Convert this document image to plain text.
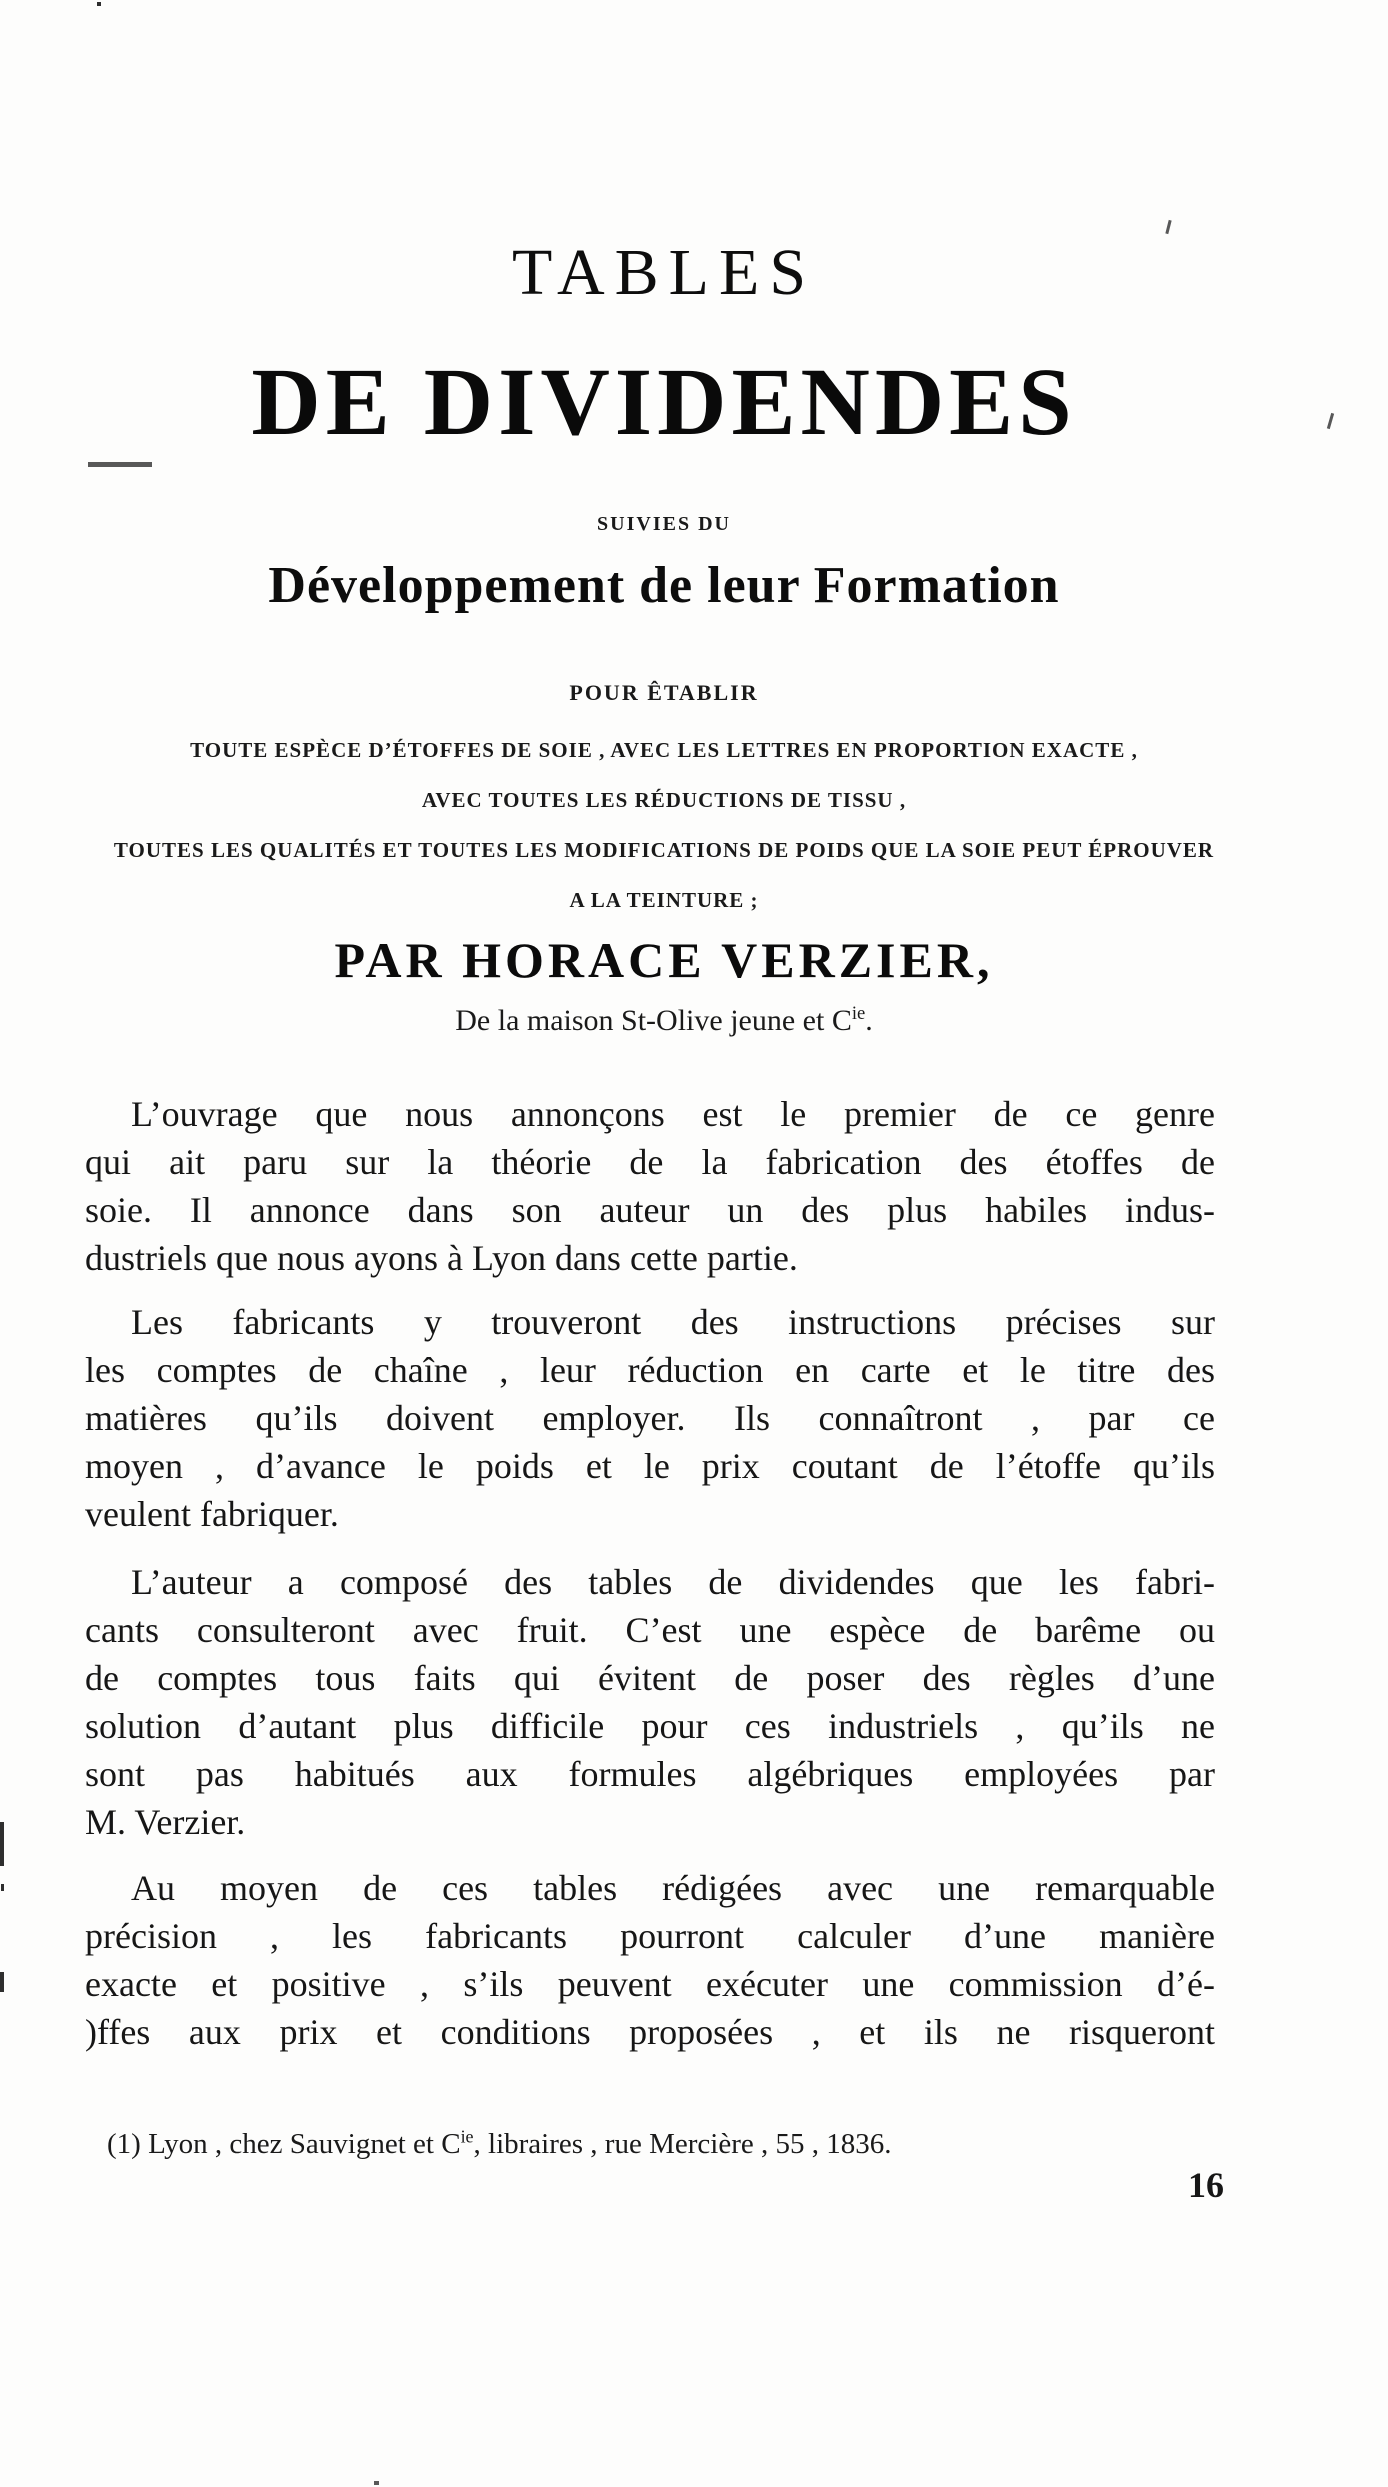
TABLES
DE DIVIDENDES
SUIVIES DU
Développement de leur Formation
POUR ÊTABLIR
TOUTE ESPÈCE D’ÉTOFFES DE SOIE , AVEC LES LETTRES EN PROPORTION EXACTE ,
AVEC TOUTES LES RÉDUCTIONS DE TISSU ,
TOUTES LES QUALITÉS ET TOUTES LES MODIFICATIONS DE POIDS QUE LA SOIE PEUT ÉPROUVER
A LA TEINTURE ;
PAR HORACE VERZIER,
De la maison St-Olive jeune et $C^{ie}$.

L’ouvrage que nous annonçons est le premier de ce genre
qui ait paru sur la théorie de la fabrication des étoffes de
soie. Il annonce dans son auteur un des plus habiles indus-
dustriels que nous ayons à Lyon dans cette partie.

Les fabricants y trouveront des instructions précises sur
les comptes de chaîne , leur réduction en carte et le titre des
matières qu’ils doivent employer. Ils connaîtront , par ce
moyen , d’avance le poids et le prix coutant de l’étoffe qu’ils
veulent fabriquer.

L’auteur a composé des tables de dividendes que les fabri-
cants consulteront avec fruit. C’est une espèce de barême ou
de comptes tous faits qui évitent de poser des règles d’une
solution d’autant plus difficile pour ces industriels , qu’ils ne
sont pas habitués aux formules algébriques employées par
M. Verzier.

Au moyen de ces tables rédigées avec une remarquable
précision , les fabricants pourront calculer d’une manière
exacte et positive , s’ils peuvent exécuter une commission d’é-
)ffes aux prix et conditions proposées , et ils ne risqueront

(1) Lyon , chez Sauvignet et $C^{ie}$, libraires , rue Mercière , 55 , 1836.
16
